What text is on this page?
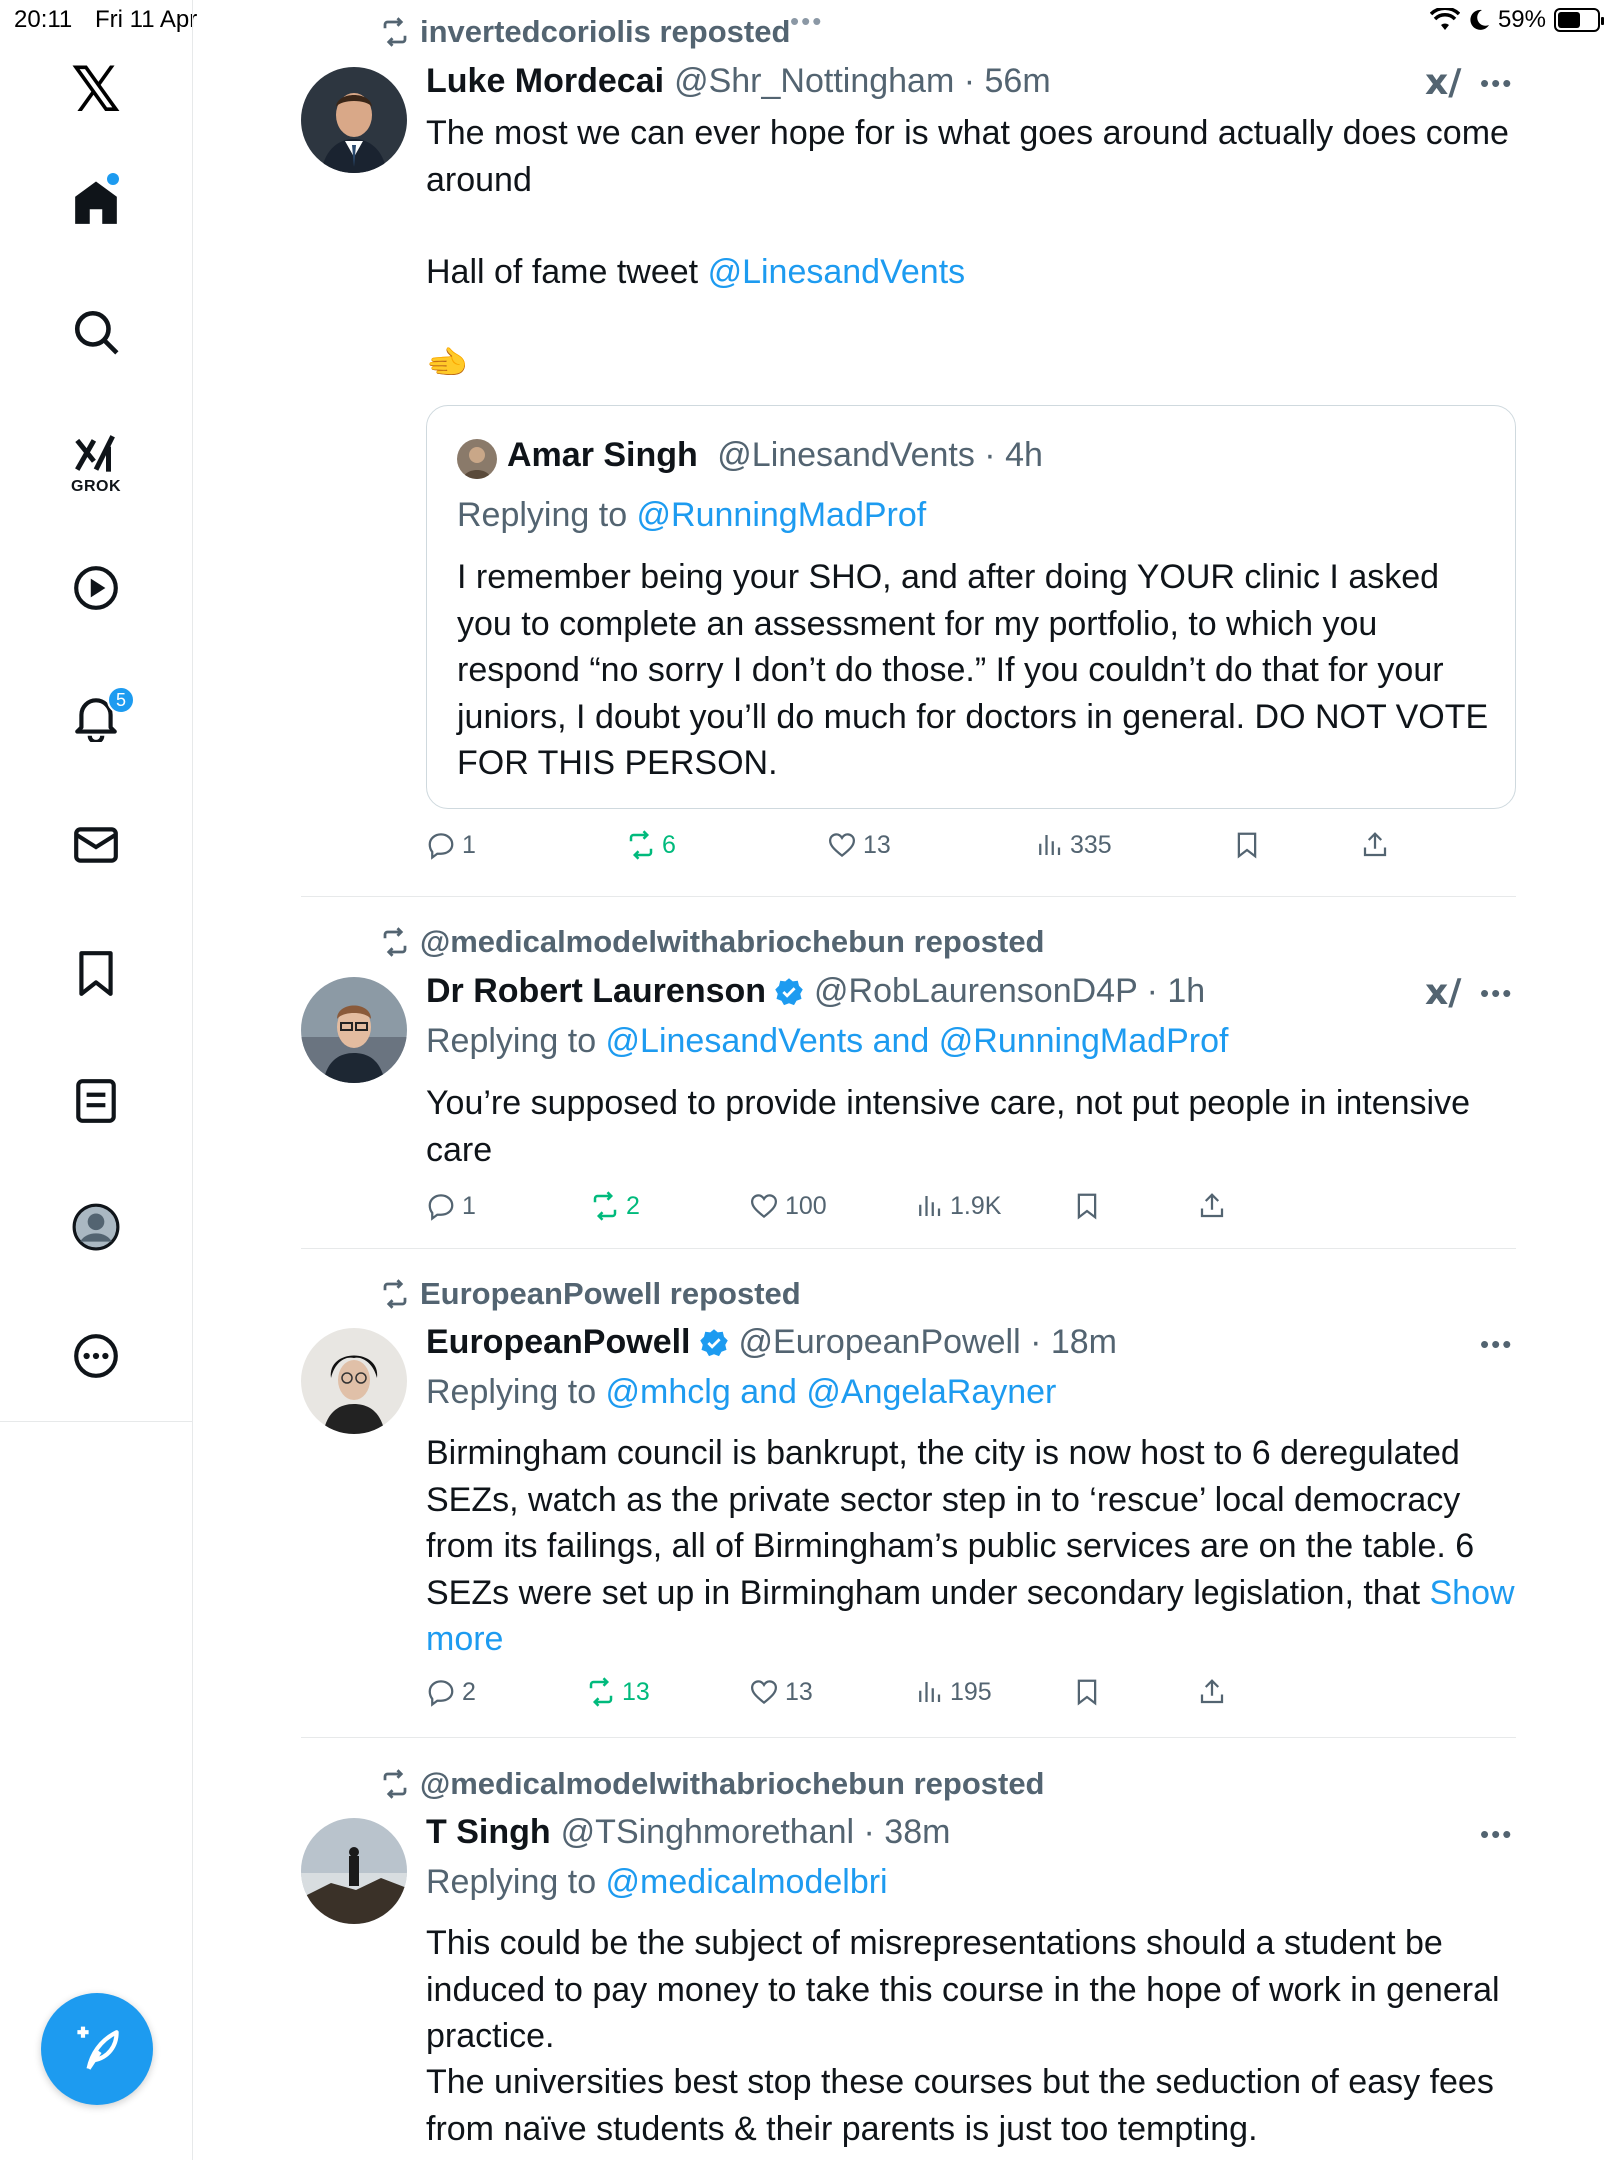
20:11 Fri 11 Apr	•••	59%
𝕏
GROK
5
invertedcoriolis reposted
Luke Mordecai @Shr_Nottingham · 56m	x/ •••
The most we can ever hope for is what goes around actually does come around
Hall of fame tweet @LinesandVents
🫲
Amar Singh @LinesandVents · 4h
Replying to @RunningMadProf
I remember being your SHO, and after doing YOUR clinic I asked you to complete an assessment for my portfolio, to which you respond “no sorry I don’t do those.” If you couldn’t do that for your juniors, I doubt you’ll do much for doctors in general. DO NOT VOTE FOR THIS PERSON.
1	6	13	335
@medicalmodelwithabriochebun reposted
Dr Robert Laurenson @RobLaurensonD4P · 1h	x/ •••
Replying to @LinesandVents and @RunningMadProf
You’re supposed to provide intensive care, not put people in intensive care
1	2	100	1.9K
EuropeanPowell reposted
EuropeanPowell @EuropeanPowell · 18m	•••
Replying to @mhclg and @AngelaRayner
Birmingham council is bankrupt, the city is now host to 6 deregulated SEZs, watch as the private sector step in to ‘rescue’ local democracy from its failings, all of Birmingham’s public services are on the table. 6 SEZs were set up in Birmingham under secondary legislation, that Show more
2	13	13	195
@medicalmodelwithabriochebun reposted
T Singh @TSinghmorethanl · 38m	•••
Replying to @medicalmodelbri
This could be the subject of misrepresentations should a student be induced to pay money to take this course in the hope of work in general practice.
The universities best stop these courses but the seduction of easy fees from naïve students & their parents is just too tempting.
